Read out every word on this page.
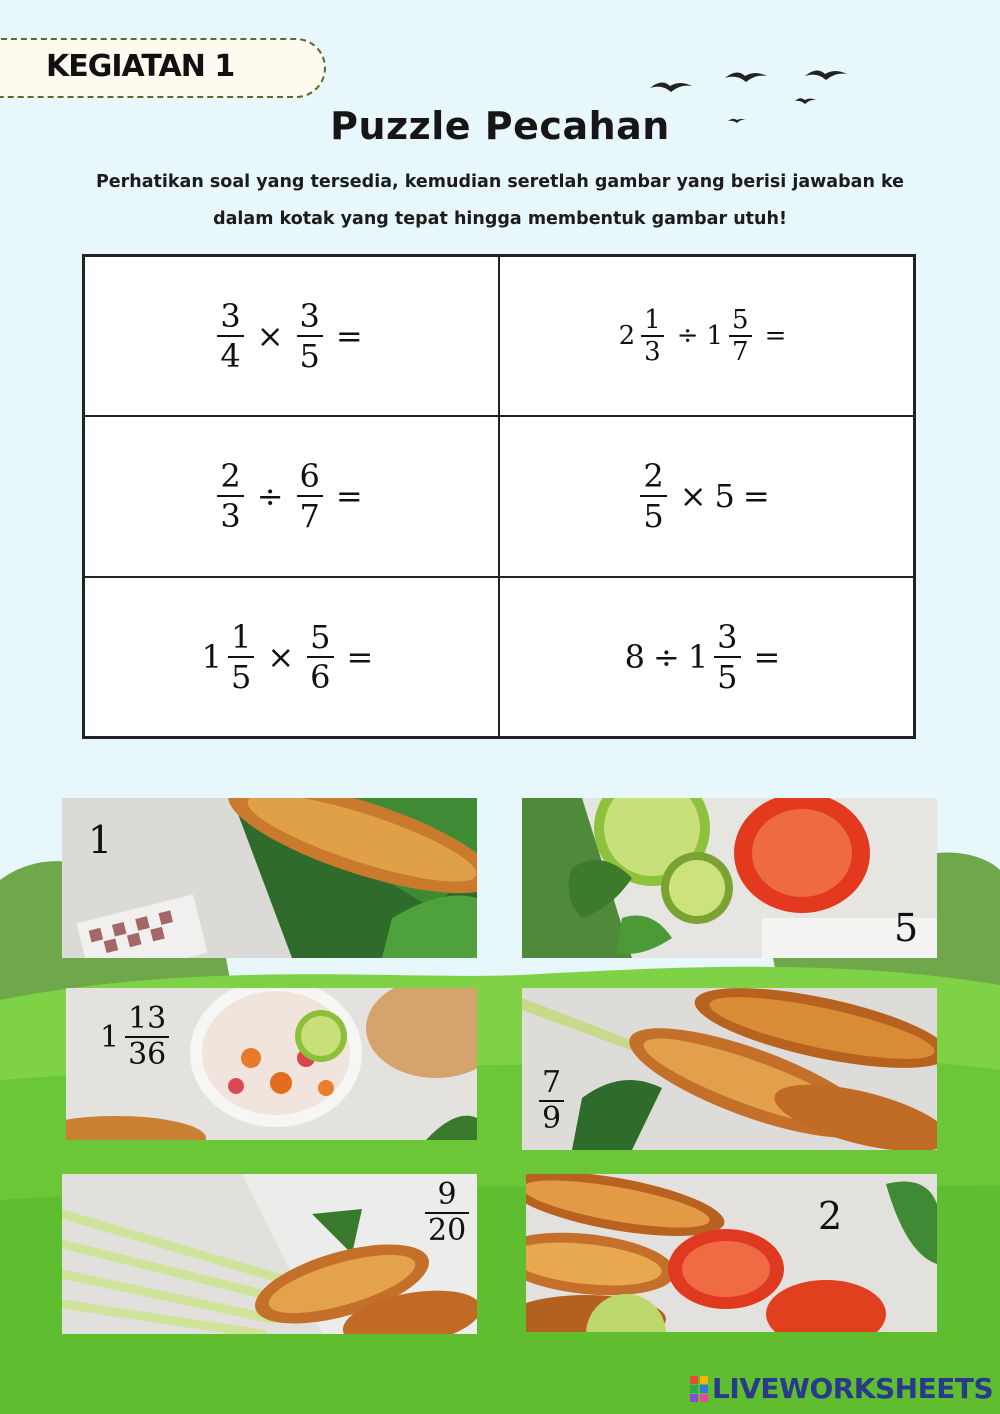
KEGIATAN 1
Puzzle Pecahan
Perhatikan soal yang tersedia, kemudian seretlah gambar yang berisi jawaban ke
dalam kotak yang tepat hingga membentuk gambar utuh!
$\frac{3}{4} \times \frac{3}{5}$ =	$2 \frac{1}{3} \div 1 \frac{5}{7}$ =
$\frac{2}{3} \div \frac{6}{7}$ =	$\frac{2}{5} \times 5$ =
$1 \frac{1}{5} \times \frac{5}{6}$ =	$8 \div 1 \frac{3}{5}$ =
1
5
$1 \frac{13}{36}$
$\frac{7}{9}$
$\frac{9}{20}$	2
LIVEWORKSHEETS
